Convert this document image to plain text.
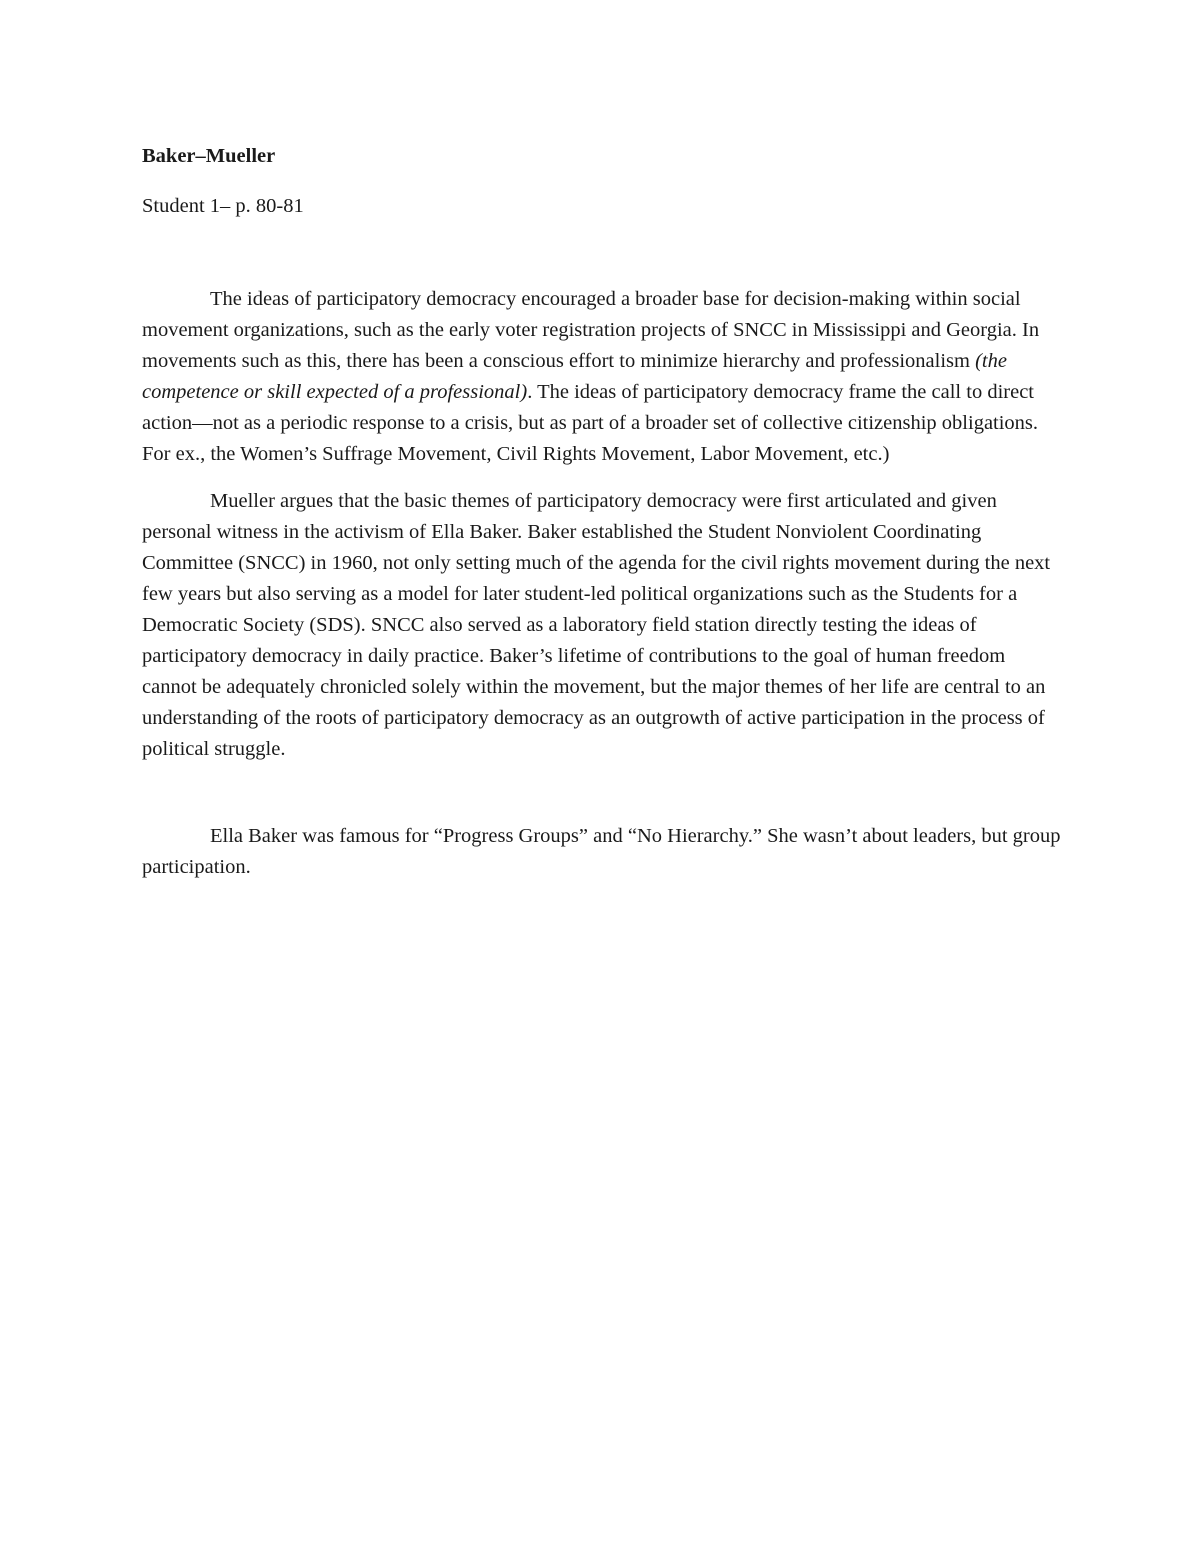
Baker–Mueller

Student 1– p. 80-81

The ideas of participatory democracy encouraged a broader base for decision-making within social movement organizations, such as the early voter registration projects of SNCC in Mississippi and Georgia. In movements such as this, there has been a conscious effort to minimize hierarchy and professionalism (the competence or skill expected of a professional). The ideas of participatory democracy frame the call to direct action—not as a periodic response to a crisis, but as part of a broader set of collective citizenship obligations. For ex., the Women’s Suffrage Movement, Civil Rights Movement, Labor Movement, etc.)

Mueller argues that the basic themes of participatory democracy were first articulated and given personal witness in the activism of Ella Baker. Baker established the Student Nonviolent Coordinating Committee (SNCC) in 1960, not only setting much of the agenda for the civil rights movement during the next few years but also serving as a model for later student-led political organizations such as the Students for a Democratic Society (SDS). SNCC also served as a laboratory field station directly testing the ideas of participatory democracy in daily practice. Baker’s lifetime of contributions to the goal of human freedom cannot be adequately chronicled solely within the movement, but the major themes of her life are central to an understanding of the roots of participatory democracy as an outgrowth of active participation in the process of political struggle.

Ella Baker was famous for “Progress Groups” and “No Hierarchy.” She wasn’t about leaders, but group participation.
